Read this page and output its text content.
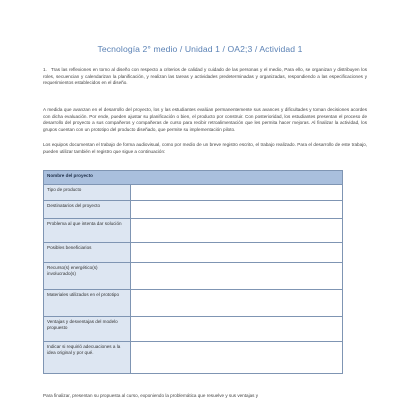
Tecnología 2° medio / Unidad 1 / OA2;3 / Actividad 1

1. Tras las reflexiones en torno al diseño con respecto a criterios de calidad y cuidado de las personas y el medio, Para ello, se organizan y distribuyen los roles, secuencian y calendarizan la planificación, y realizan las tareas y actividades predeterminadas y organizadas, respondiendo a las especificaciones y requerimientos establecidos en el diseño.

A medida que avanzan en el desarrollo del proyecto, los y las estudiantes evalúan permanentemente sus avances y dificultades y toman decisiones acordes con dicha evaluación. Por ende, pueden ajustar su planificación o bien, el producto por construir. Con posterioridad, los estudiantes presentan el proceso de desarrollo del proyecto a sus compañeros y compañeras de curso para recibir retroalimentación que les permita hacer mejoras. Al finalizar la actividad, los grupos cuentan con un prototipo del producto diseñado, que permite su implementación piloto.

Los equipos documentan el trabajo de forma audiovisual, como por medio de un breve registro escrito, el trabajo realizado. Para el desarrollo de este trabajo, pueden utilizar también el registro que sigue a continuación:

Nombre del proyecto	
Tipo de producto	
Destinatarios del proyecto	
Problema al que intenta dar solución	
Posibles beneficiarios	
Recurso(s) energético(s) involucrado(s)	
Materiales utilizados en el prototipo	
Ventajas y desventajas del modelo propuesto	
Indicar si requirió adecuaciones a la idea original y por qué.	

Para finalizar, presentan su propuesta al curso, exponiendo la problemática que resuelve y sus ventajas y
